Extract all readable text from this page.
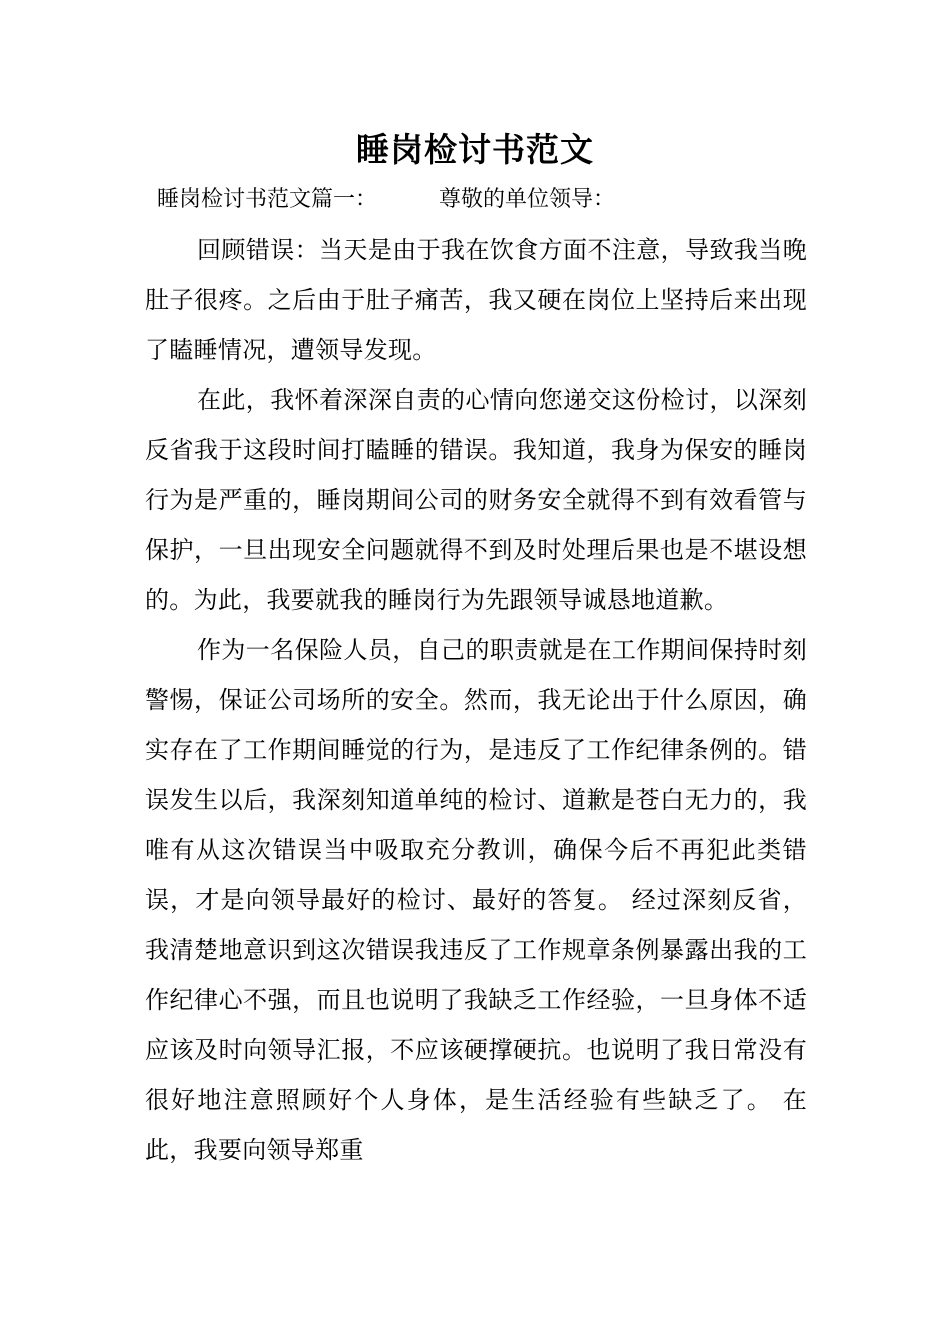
睡岗检讨书范文
睡岗检讨书范文篇一：	尊敬的单位领导：

回顾错误：当天是由于我在饮食方面不注意，导致我当晚肚子很疼。之后由于肚子痛苦，我又硬在岗位上坚持后来出现了瞌睡情况，遭领导发现。

在此，我怀着深深自责的心情向您递交这份检讨，以深刻反省我于这段时间打瞌睡的错误。我知道，我身为保安的睡岗行为是严重的，睡岗期间公司的财务安全就得不到有效看管与保护，一旦出现安全问题就得不到及时处理后果也是不堪设想的。为此，我要就我的睡岗行为先跟领导诚恳地道歉。

作为一名保险人员，自己的职责就是在工作期间保持时刻警惕，保证公司场所的安全。然而，我无论出于什么原因，确实存在了工作期间睡觉的行为，是违反了工作纪律条例的。错误发生以后，我深刻知道单纯的检讨、道歉是苍白无力的，我唯有从这次错误当中吸取充分教训，确保今后不再犯此类错误，才是向领导最好的检讨、最好的答复。 经过深刻反省，我清楚地意识到这次错误我违反了工作规章条例暴露出我的工作纪律心不强，而且也说明了我缺乏工作经验，一旦身体不适应该及时向领导汇报，不应该硬撑硬抗。也说明了我日常没有很好地注意照顾好个人身体，是生活经验有些缺乏了。 在此，我要向领导郑重
